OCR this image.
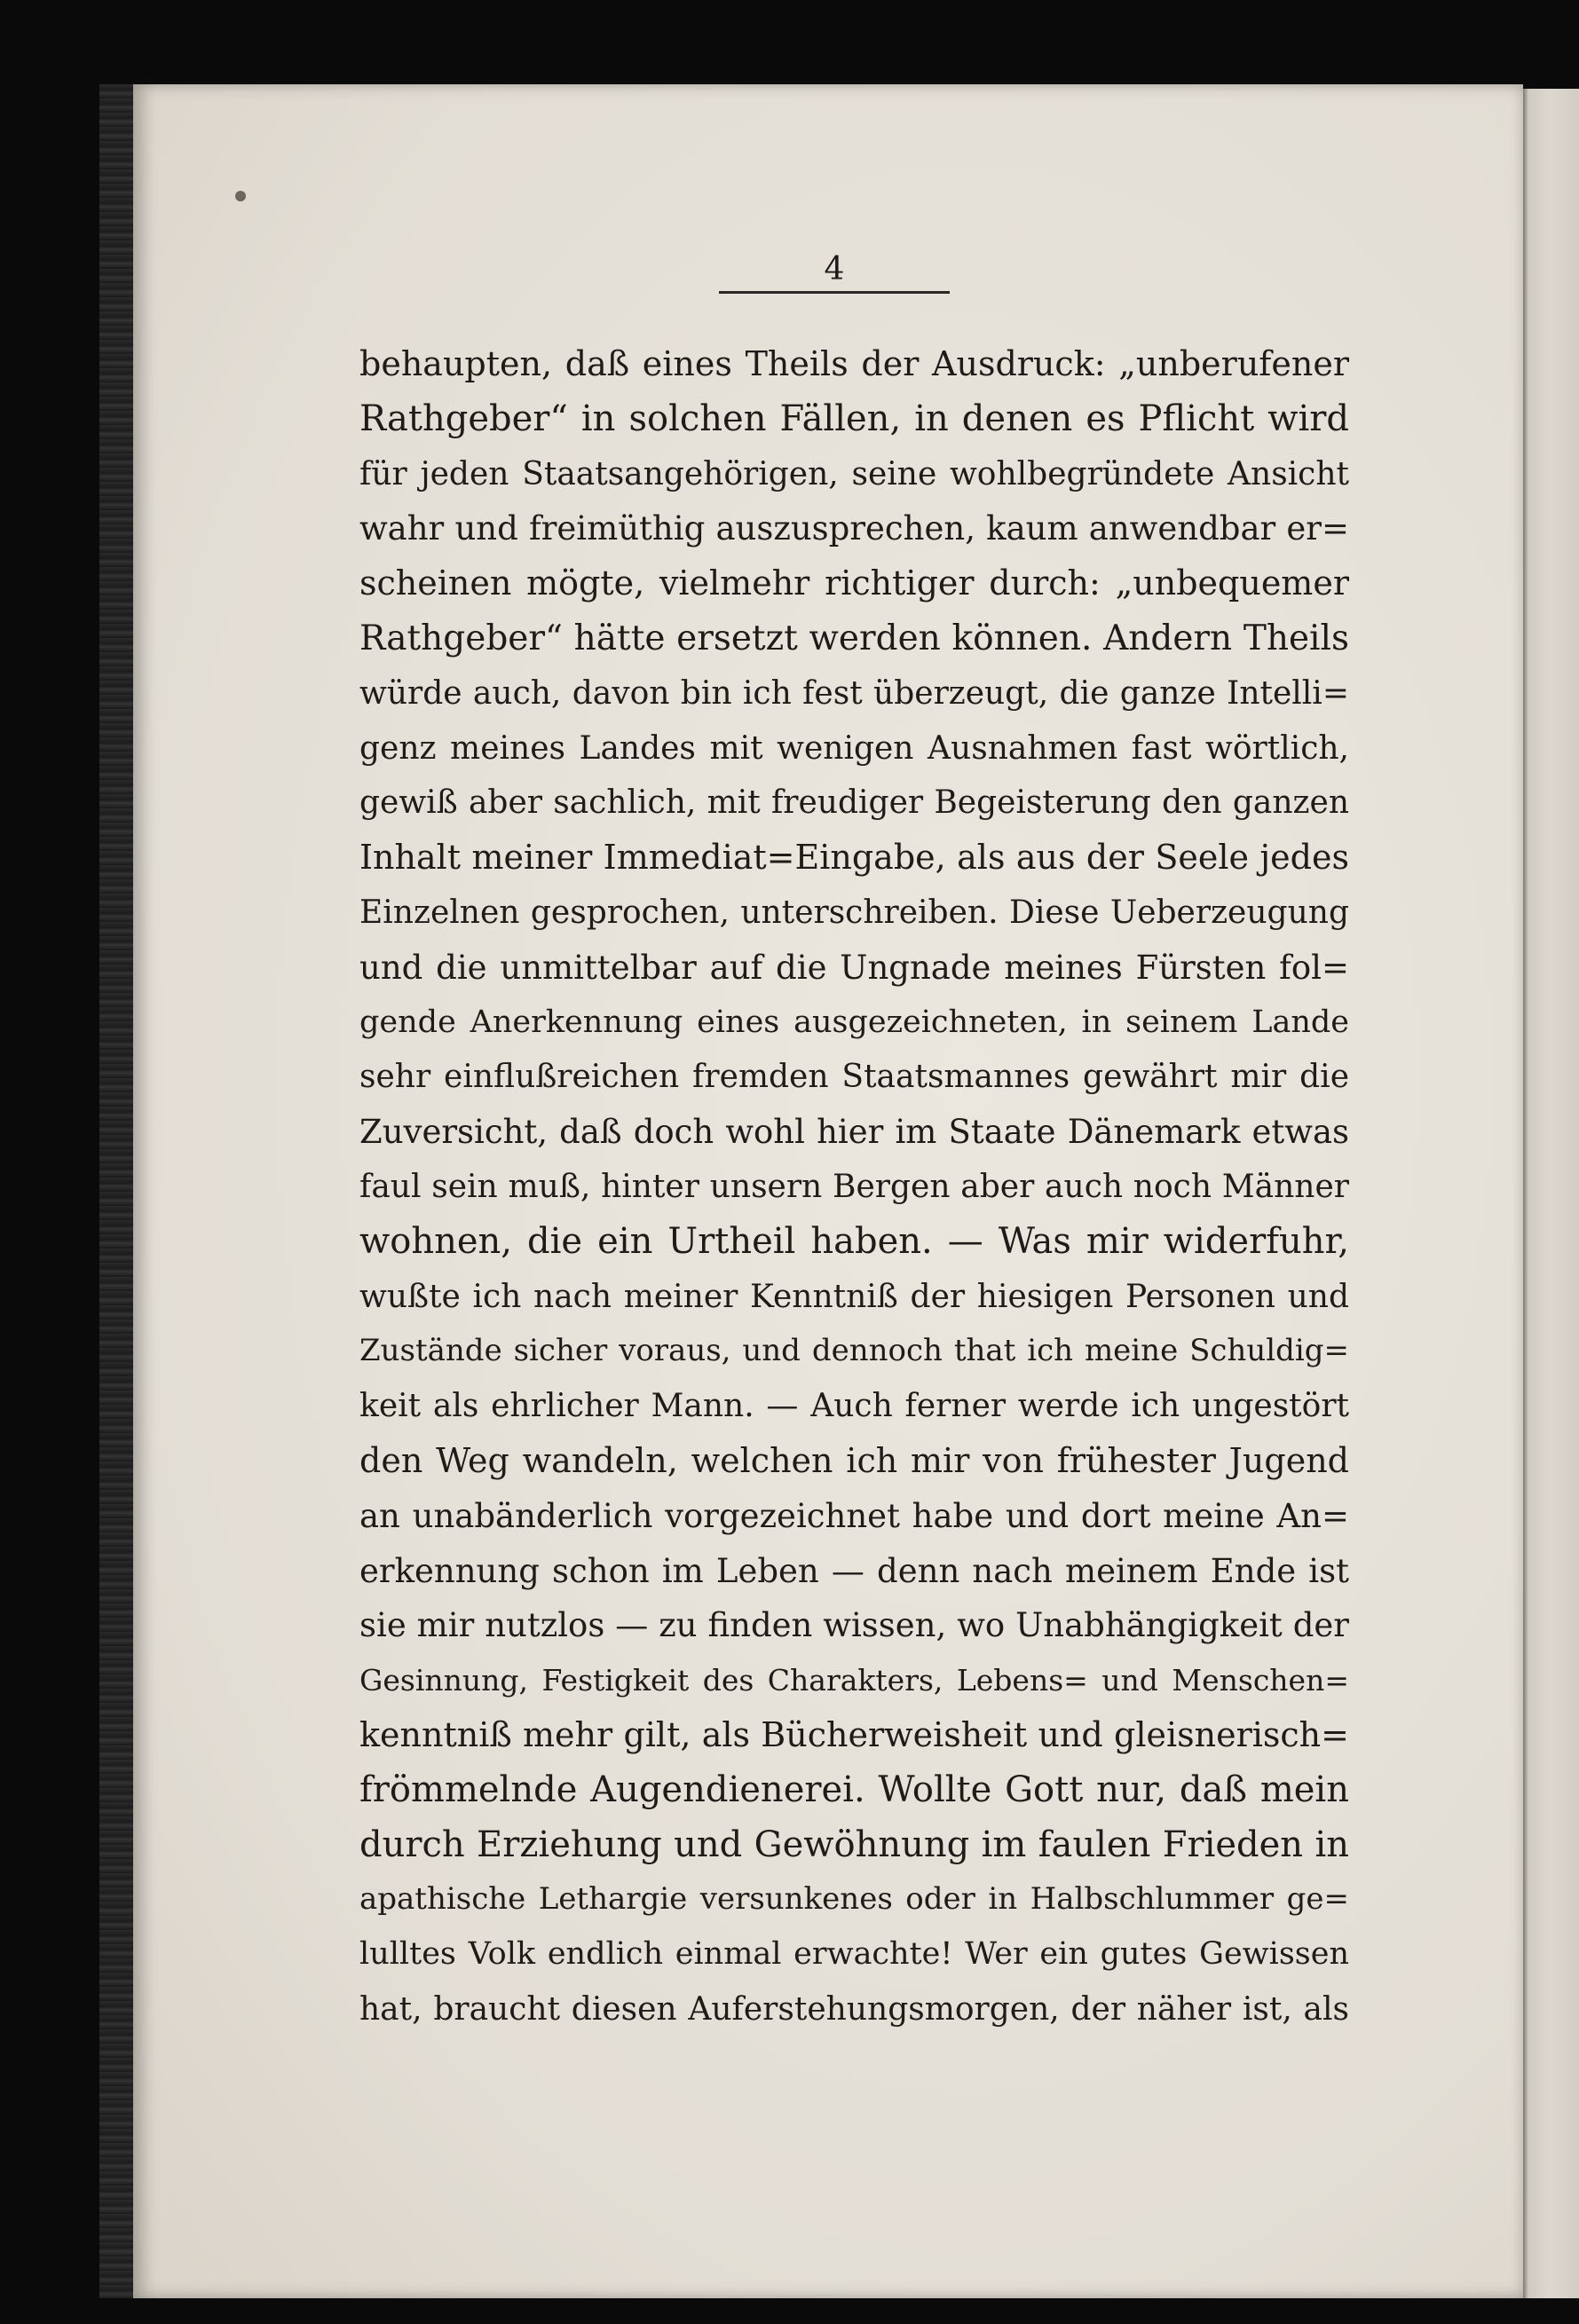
4
behaupten, daß eines Theils der Ausdruck: „unberufener
Rathgeber“ in solchen Fällen, in denen es Pflicht wird
für jeden Staatsangehörigen, seine wohlbegründete Ansicht
wahr und freimüthig auszusprechen, kaum anwendbar er=
scheinen mögte, vielmehr richtiger durch: „unbequemer
Rathgeber“ hätte ersetzt werden können. Andern Theils
würde auch, davon bin ich fest überzeugt, die ganze Intelli=
genz meines Landes mit wenigen Ausnahmen fast wörtlich,
gewiß aber sachlich, mit freudiger Begeisterung den ganzen
Inhalt meiner Immediat=Eingabe, als aus der Seele jedes
Einzelnen gesprochen, unterschreiben. Diese Ueberzeugung
und die unmittelbar auf die Ungnade meines Fürsten fol=
gende Anerkennung eines ausgezeichneten, in seinem Lande
sehr einflußreichen fremden Staatsmannes gewährt mir die
Zuversicht, daß doch wohl hier im Staate Dänemark etwas
faul sein muß, hinter unsern Bergen aber auch noch Männer
wohnen, die ein Urtheil haben. — Was mir widerfuhr,
wußte ich nach meiner Kenntniß der hiesigen Personen und
Zustände sicher voraus, und dennoch that ich meine Schuldig=
keit als ehrlicher Mann. — Auch ferner werde ich ungestört
den Weg wandeln, welchen ich mir von frühester Jugend
an unabänderlich vorgezeichnet habe und dort meine An=
erkennung schon im Leben — denn nach meinem Ende ist
sie mir nutzlos — zu finden wissen, wo Unabhängigkeit der
Gesinnung, Festigkeit des Charakters, Lebens= und Menschen=
kenntniß mehr gilt, als Bücherweisheit und gleisnerisch=
frömmelnde Augendienerei. Wollte Gott nur, daß mein
durch Erziehung und Gewöhnung im faulen Frieden in
apathische Lethargie versunkenes oder in Halbschlummer ge=
lulltes Volk endlich einmal erwachte! Wer ein gutes Gewissen
hat, braucht diesen Auferstehungsmorgen, der näher ist, als
